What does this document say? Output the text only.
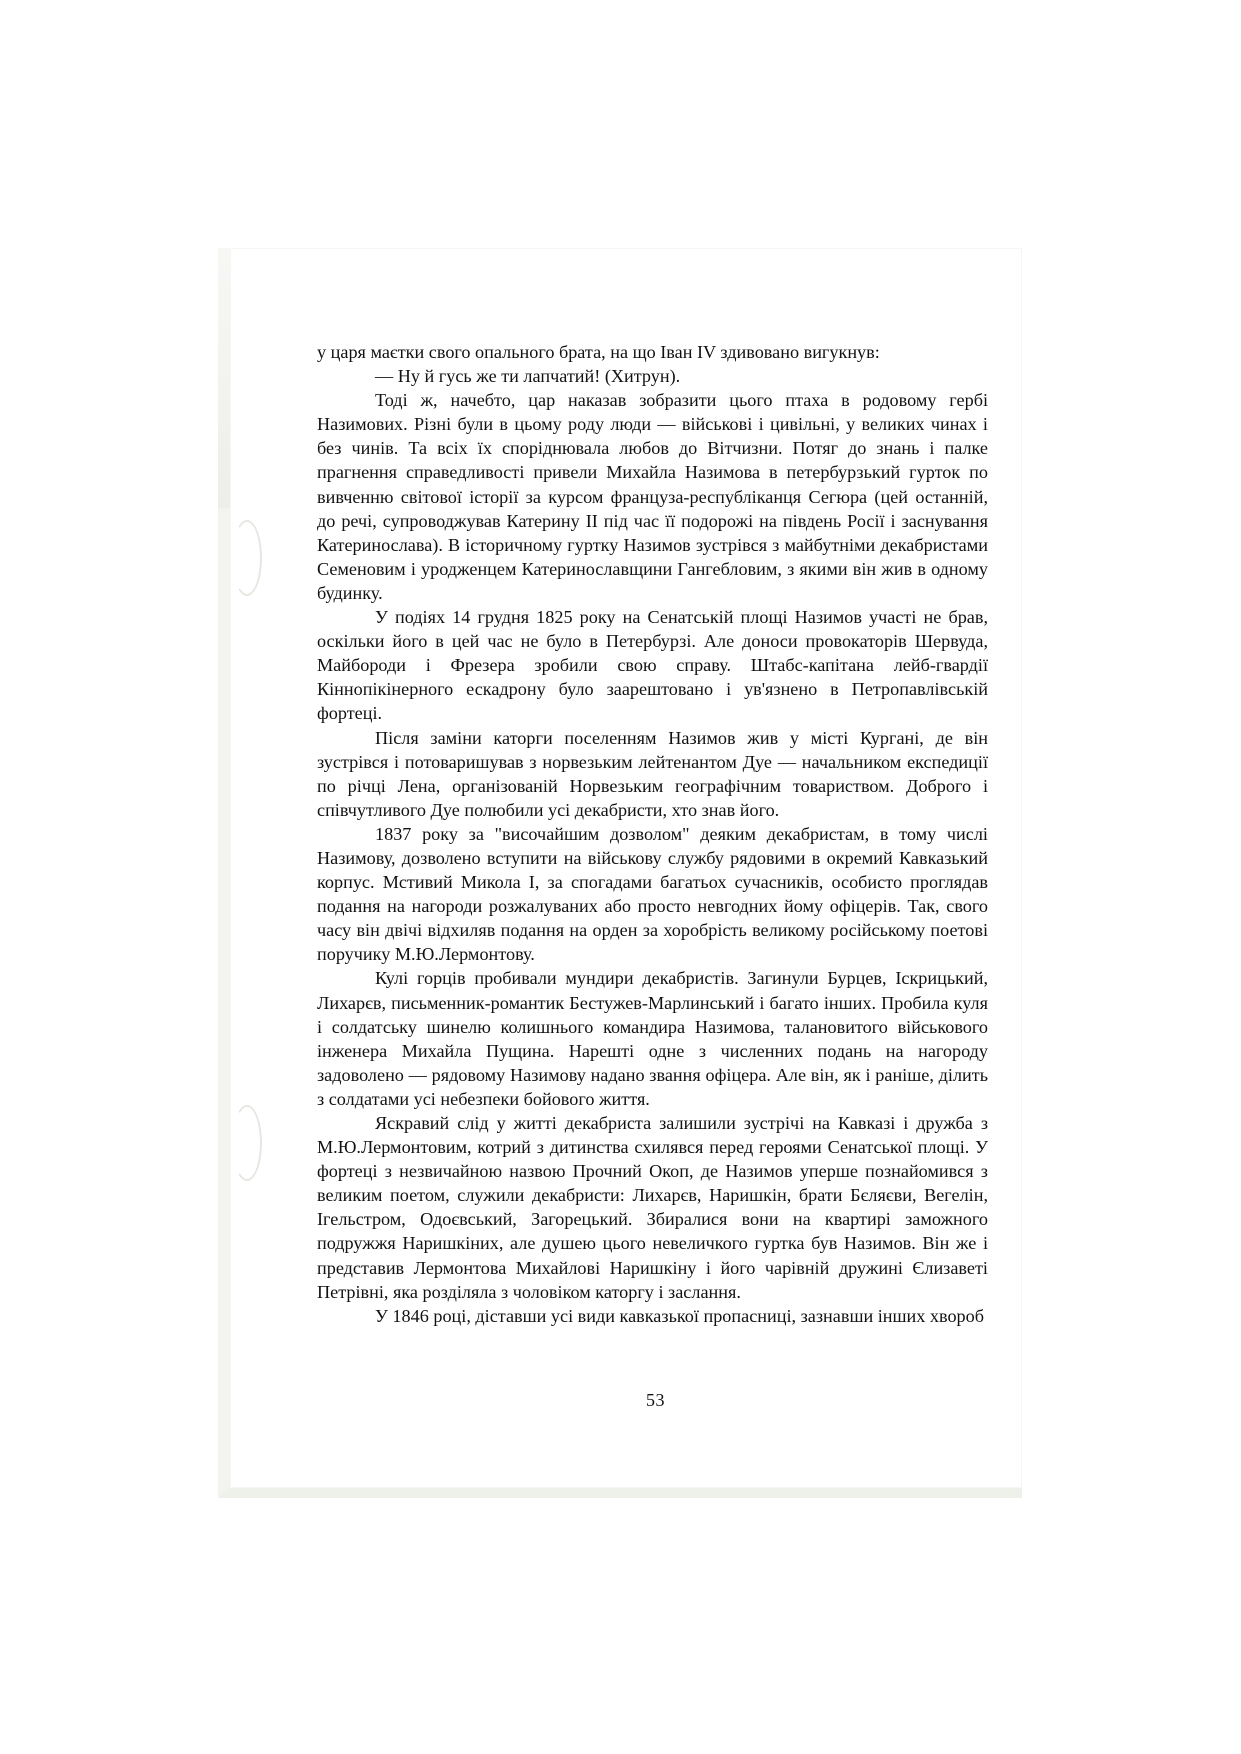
у царя маєтки свого опального брата, на що Іван IV здивовано вигукнув:

— Ну й гусь же ти лапчатий! (Хитрун).

Тоді ж, начебто, цар наказав зобразити цього птаха в родовому гербі Назимових. Різні були в цьому роду люди — військові і цивільні, у великих чинах і без чинів. Та всіх їх споріднювала любов до Вітчизни. Потяг до знань і палке прагнення справедливості привели Михайла Назимова в петербурзький гурток по вивченню світової історії за курсом француза-республіканця Сегюра (цей останній, до речі, супроводжував Катерину II під час її подорожі на південь Росії і заснування Катеринослава). В історичному гуртку Назимов зустрівся з майбутніми декабристами Семеновим і уродженцем Катеринославщини Гангебловим, з якими він жив в одному будинку.

У подіях 14 грудня 1825 року на Сенатській площі Назимов участі не брав, оскільки його в цей час не було в Петербурзі. Але доноси провокаторів Шервуда, Майбороди і Фрезера зробили свою справу. Штабс-капітана лейб-гвардії Кіннопікінерного ескадрону було заарештовано і ув'язнено в Петропавлівській фортеці.

Після заміни каторги поселенням Назимов жив у місті Кургані, де він зустрівся і потоваришував з норвезьким лейтенантом Дуе — начальником експедиції по річці Лена, організованій Норвезьким географічним товариством. Доброго і співчутливого Дуе полюбили усі декабристи, хто знав його.

1837 року за "височайшим дозволом" деяким декабристам, в тому числі Назимову, дозволено вступити на військову службу рядовими в окремий Кавказький корпус. Мстивий Микола І, за спогадами багатьох сучасників, особисто проглядав подання на нагороди розжалуваних або просто невгодних йому офіцерів. Так, свого часу він двічі відхиляв подання на орден за хоробрість великому російському поетові поручику М.Ю.Лермонтову.

Кулі горців пробивали мундири декабристів. Загинули Бурцев, Іскрицький, Лихарєв, письменник-романтик Бестужев-Марлинський і багато інших. Пробила куля і солдатську шинелю колишнього командира Назимова, талановитого військового інженера Михайла Пущина. Нарешті одне з численних подань на нагороду задоволено — рядовому Назимову надано звання офіцера. Але він, як і раніше, ділить з солдатами усі небезпеки бойового життя.

Яскравий слід у житті декабриста залишили зустрічі на Кавказі і дружба з М.Ю.Лермонтовим, котрий з дитинства схилявся перед героями Сенатської площі. У фортеці з незвичайною назвою Прочний Окоп, де Назимов уперше познайомився з великим поетом, служили декабристи: Лихарєв, Наришкін, брати Бєляєви, Вегелін, Ігельстром, Одоєвський, Загорецький. Збиралися вони на квартирі заможного подружжя Наришкіних, але душею цього невеличкого гуртка був Назимов. Він же і представив Лермонтова Михайлові Наришкіну і його чарівній дружині Єлизаветі Петрівні, яка розділяла з чоловіком каторгу і заслання.

У 1846 році, діставши усі види кавказької пропасниці, зазнавши інших хвороб

53
